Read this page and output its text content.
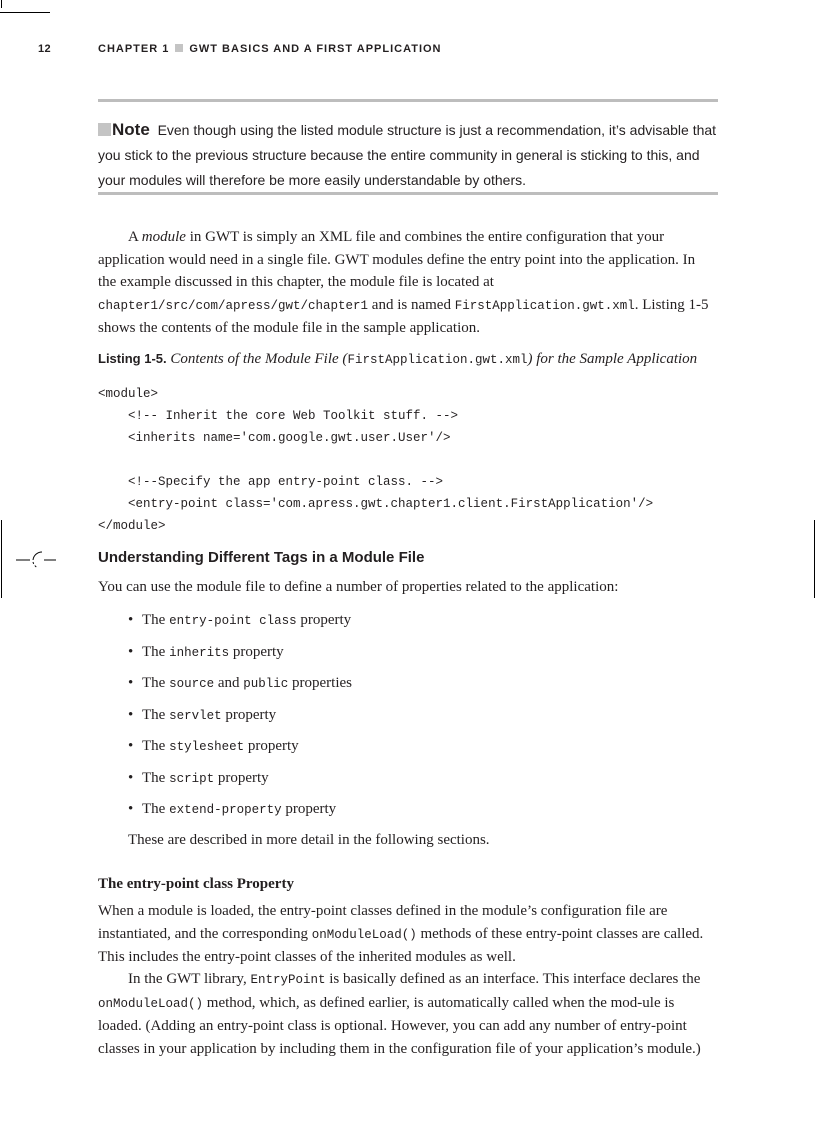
12	CHAPTER 1 GWT BASICS AND A FIRST APPLICATION
Note Even though using the listed module structure is just a recommendation, it’s advisable that you stick to the previous structure because the entire community in general is sticking to this, and your modules will therefore be more easily understandable by others.
A module in GWT is simply an XML file and combines the entire configuration that your application would need in a single file. GWT modules define the entry point into the application. In the example discussed in this chapter, the module file is located at chapter1/src/com/apress/gwt/chapter1 and is named FirstApplication.gwt.xml. Listing 1-5 shows the contents of the module file in the sample application.
Listing 1-5. Contents of the Module File (FirstApplication.gwt.xml) for the Sample Application
<module>
<!-- Inherit the core Web Toolkit stuff. -->
<inherits name='com.google.gwt.user.User'/>
<!--Specify the app entry-point class. -->
<entry-point class='com.apress.gwt.chapter1.client.FirstApplication'/>
</module>
Understanding Different Tags in a Module File
You can use the module file to define a number of properties related to the application:
• The entry-point class property
• The inherits property
• The source and public properties
• The servlet property
• The stylesheet property
• The script property
• The extend-property property
These are described in more detail in the following sections.
The entry-point class Property
When a module is loaded, the entry-point classes defined in the module’s configuration file are instantiated, and the corresponding onModuleLoad() methods of these entry-point classes are called. This includes the entry-point classes of the inherited modules as well.
In the GWT library, EntryPoint is basically defined as an interface. This interface declares the onModuleLoad() method, which, as defined earlier, is automatically called when the mod-ule is loaded. (Adding an entry-point class is optional. However, you can add any number of entry-point classes in your application by including them in the configuration file of your application’s module.)
